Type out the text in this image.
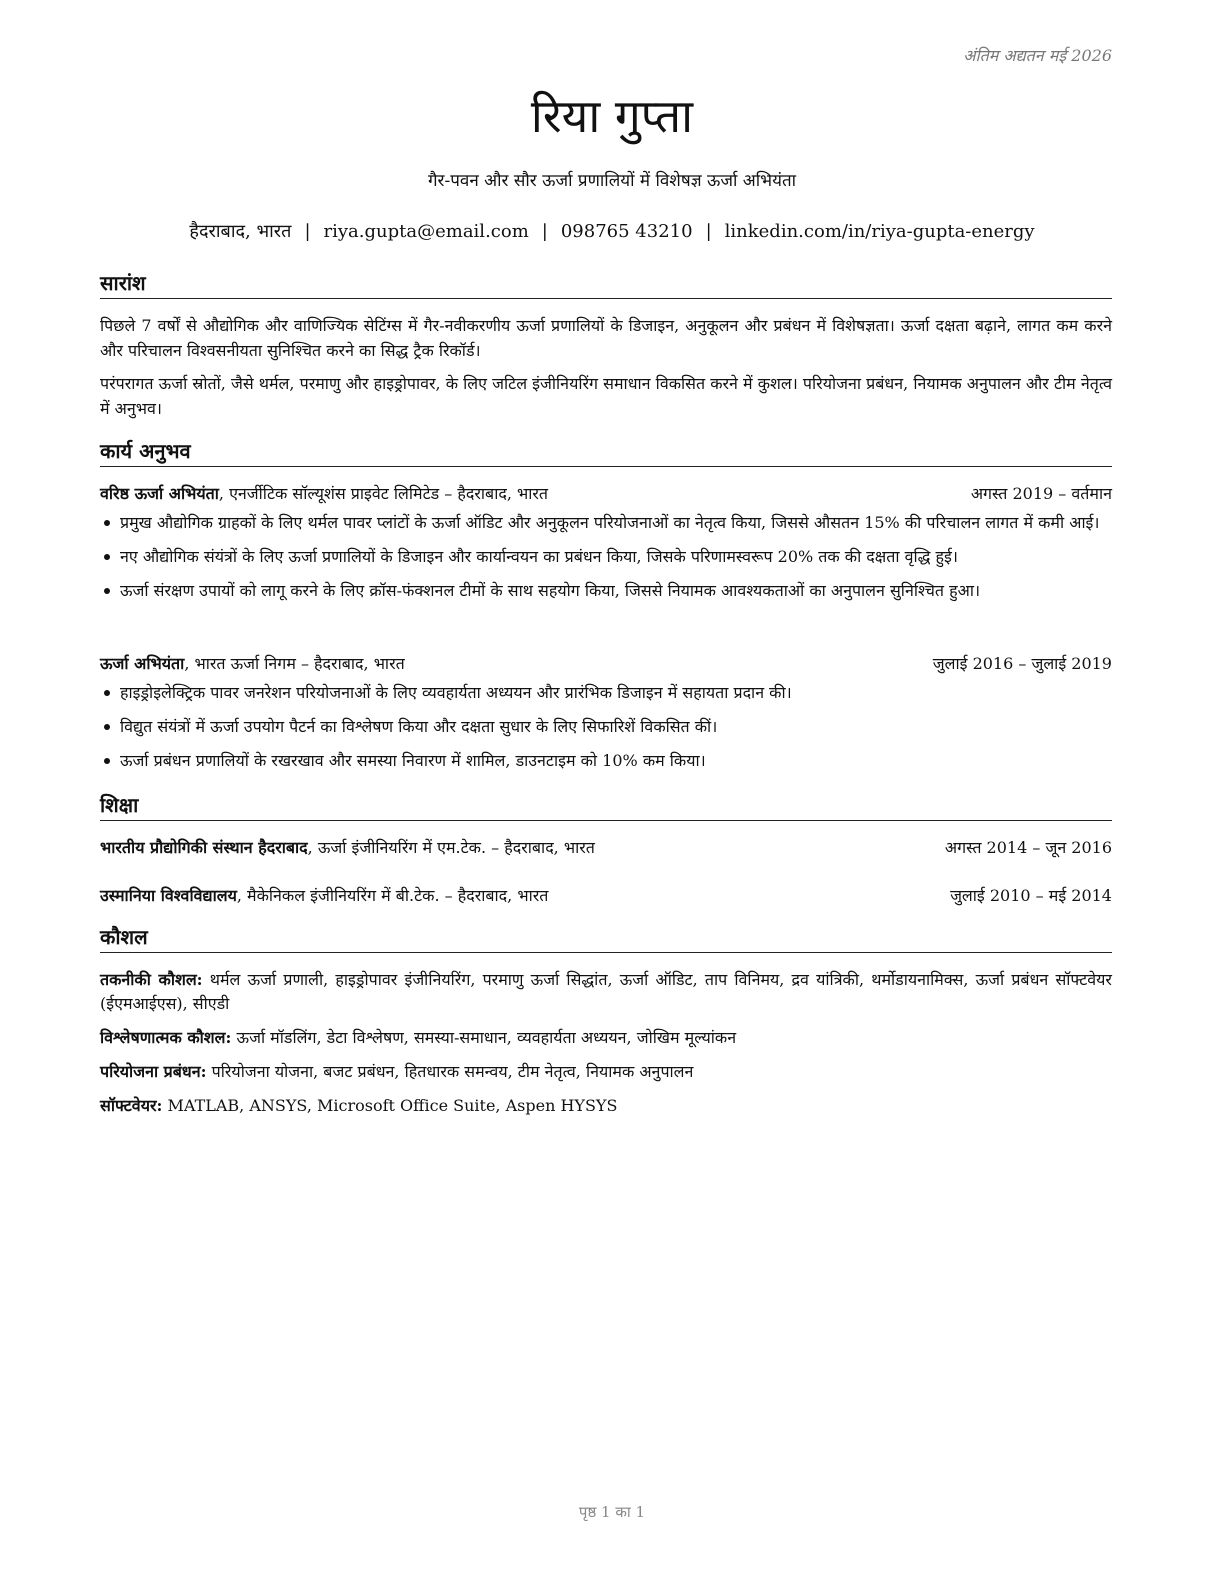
अंतिम अद्यतन मई 2026
रिया गुप्ता
गैर-पवन और सौर ऊर्जा प्रणालियों में विशेषज्ञ ऊर्जा अभियंता
हैदराबाद, भारत | riya.gupta@email.com | 098765 43210 | linkedin.com/in/riya-gupta-energy
सारांश
पिछले 7 वर्षों से औद्योगिक और वाणिज्यिक सेटिंग्स में गैर-नवीकरणीय ऊर्जा प्रणालियों के डिजाइन, अनुकूलन और प्रबंधन में विशेषज्ञता। ऊर्जा दक्षता बढ़ाने, लागत कम करने और परिचालन विश्वसनीयता सुनिश्चित करने का सिद्ध ट्रैक रिकॉर्ड।
परंपरागत ऊर्जा स्रोतों, जैसे थर्मल, परमाणु और हाइड्रोपावर, के लिए जटिल इंजीनियरिंग समाधान विकसित करने में कुशल। परियोजना प्रबंधन, नियामक अनुपालन और टीम नेतृत्व में अनुभव।
कार्य अनुभव
वरिष्ठ ऊर्जा अभियंता, एनर्जीटिक सॉल्यूशंस प्राइवेट लिमिटेड – हैदराबाद, भारत	अगस्त 2019 – वर्तमान
प्रमुख औद्योगिक ग्राहकों के लिए थर्मल पावर प्लांटों के ऊर्जा ऑडिट और अनुकूलन परियोजनाओं का नेतृत्व किया, जिससे औसतन 15% की परिचालन लागत में कमी आई।
नए औद्योगिक संयंत्रों के लिए ऊर्जा प्रणालियों के डिजाइन और कार्यान्वयन का प्रबंधन किया, जिसके परिणामस्वरूप 20% तक की दक्षता वृद्धि हुई।
ऊर्जा संरक्षण उपायों को लागू करने के लिए क्रॉस-फंक्शनल टीमों के साथ सहयोग किया, जिससे नियामक आवश्यकताओं का अनुपालन सुनिश्चित हुआ।
ऊर्जा अभियंता, भारत ऊर्जा निगम – हैदराबाद, भारत	जुलाई 2016 – जुलाई 2019
हाइड्रोइलेक्ट्रिक पावर जनरेशन परियोजनाओं के लिए व्यवहार्यता अध्ययन और प्रारंभिक डिजाइन में सहायता प्रदान की।
विद्युत संयंत्रों में ऊर्जा उपयोग पैटर्न का विश्लेषण किया और दक्षता सुधार के लिए सिफारिशें विकसित कीं।
ऊर्जा प्रबंधन प्रणालियों के रखरखाव और समस्या निवारण में शामिल, डाउनटाइम को 10% कम किया।
शिक्षा
भारतीय प्रौद्योगिकी संस्थान हैदराबाद, ऊर्जा इंजीनियरिंग में एम.टेक. – हैदराबाद, भारत	अगस्त 2014 – जून 2016
उस्मानिया विश्वविद्यालय, मैकेनिकल इंजीनियरिंग में बी.टेक. – हैदराबाद, भारत	जुलाई 2010 – मई 2014
कौशल
तकनीकी कौशल: थर्मल ऊर्जा प्रणाली, हाइड्रोपावर इंजीनियरिंग, परमाणु ऊर्जा सिद्धांत, ऊर्जा ऑडिट, ताप विनिमय, द्रव यांत्रिकी, थर्मोडायनामिक्स, ऊर्जा प्रबंधन सॉफ्टवेयर (ईएमआईएस), सीएडी
विश्लेषणात्मक कौशल: ऊर्जा मॉडलिंग, डेटा विश्लेषण, समस्या-समाधान, व्यवहार्यता अध्ययन, जोखिम मूल्यांकन
परियोजना प्रबंधन: परियोजना योजना, बजट प्रबंधन, हितधारक समन्वय, टीम नेतृत्व, नियामक अनुपालन
सॉफ्टवेयर: MATLAB, ANSYS, Microsoft Office Suite, Aspen HYSYS
पृष्ठ 1 का 1
